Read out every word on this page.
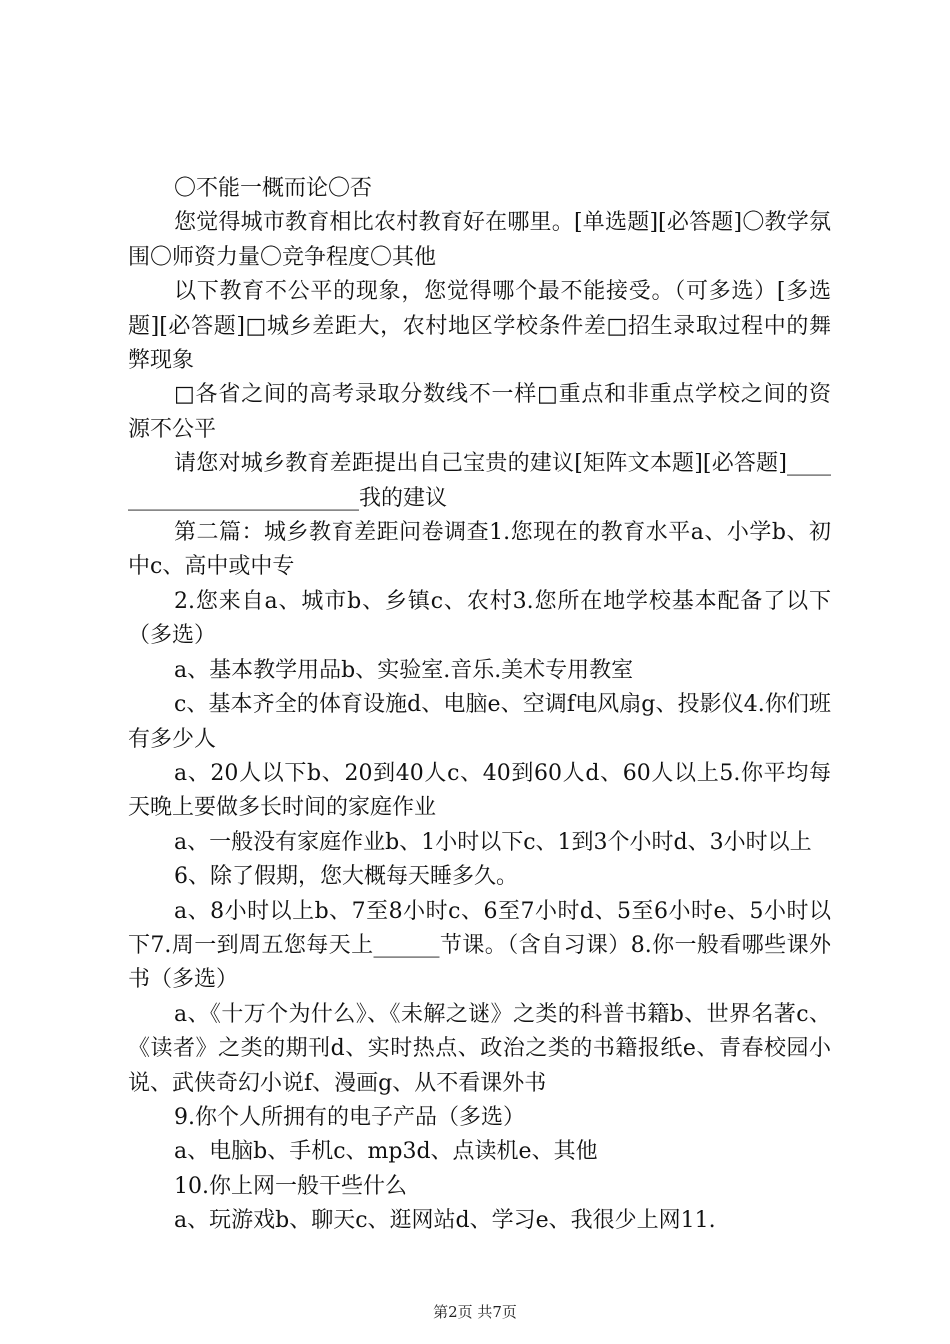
〇不能一概而论〇否

您觉得城市教育相比农村教育好在哪里。[单选题][必答题]〇教学氛围〇师资力量〇竞争程度〇其他

以下教育不公平的现象，您觉得哪个最不能接受。（可多选）[多选题][必答题]□城乡差距大，农村地区学校条件差□招生录取过程中的舞弊现象

□各省之间的高考录取分数线不一样□重点和非重点学校之间的资源不公平

请您对城乡教育差距提出自己宝贵的建议[矩阵文本题][必答题]_________________________我的建议

第二篇：城乡教育差距问卷调查1.您现在的教育水平a、小学b、初中c、高中或中专

2.您来自a、城市b、乡镇c、农村3.您所在地学校基本配备了以下（多选）

a、基本教学用品b、实验室.音乐.美术专用教室

c、基本齐全的体育设施d、电脑e、空调f电风扇g、投影仪4.你们班有多少人

a、20人以下b、20到40人c、40到60人d、60人以上5.你平均每天晚上要做多长时间的家庭作业

a、一般没有家庭作业b、1小时以下c、1到3个小时d、3小时以上

6、除了假期，您大概每天睡多久。

a、8小时以上b、7至8小时c、6至7小时d、5至6小时e、5小时以下7.周一到周五您每天上______节课。（含自习课）8.你一般看哪些课外书（多选）

a、《十万个为什么》、《未解之谜》之类的科普书籍b、世界名著c、《读者》之类的期刊d、实时热点、政治之类的书籍报纸e、青春校园小说、武侠奇幻小说f、漫画g、从不看课外书

9.你个人所拥有的电子产品（多选）

a、电脑b、手机c、mp3d、点读机e、其他

10.你上网一般干些什么

a、玩游戏b、聊天c、逛网站d、学习e、我很少上网11.

第2页 共7页
